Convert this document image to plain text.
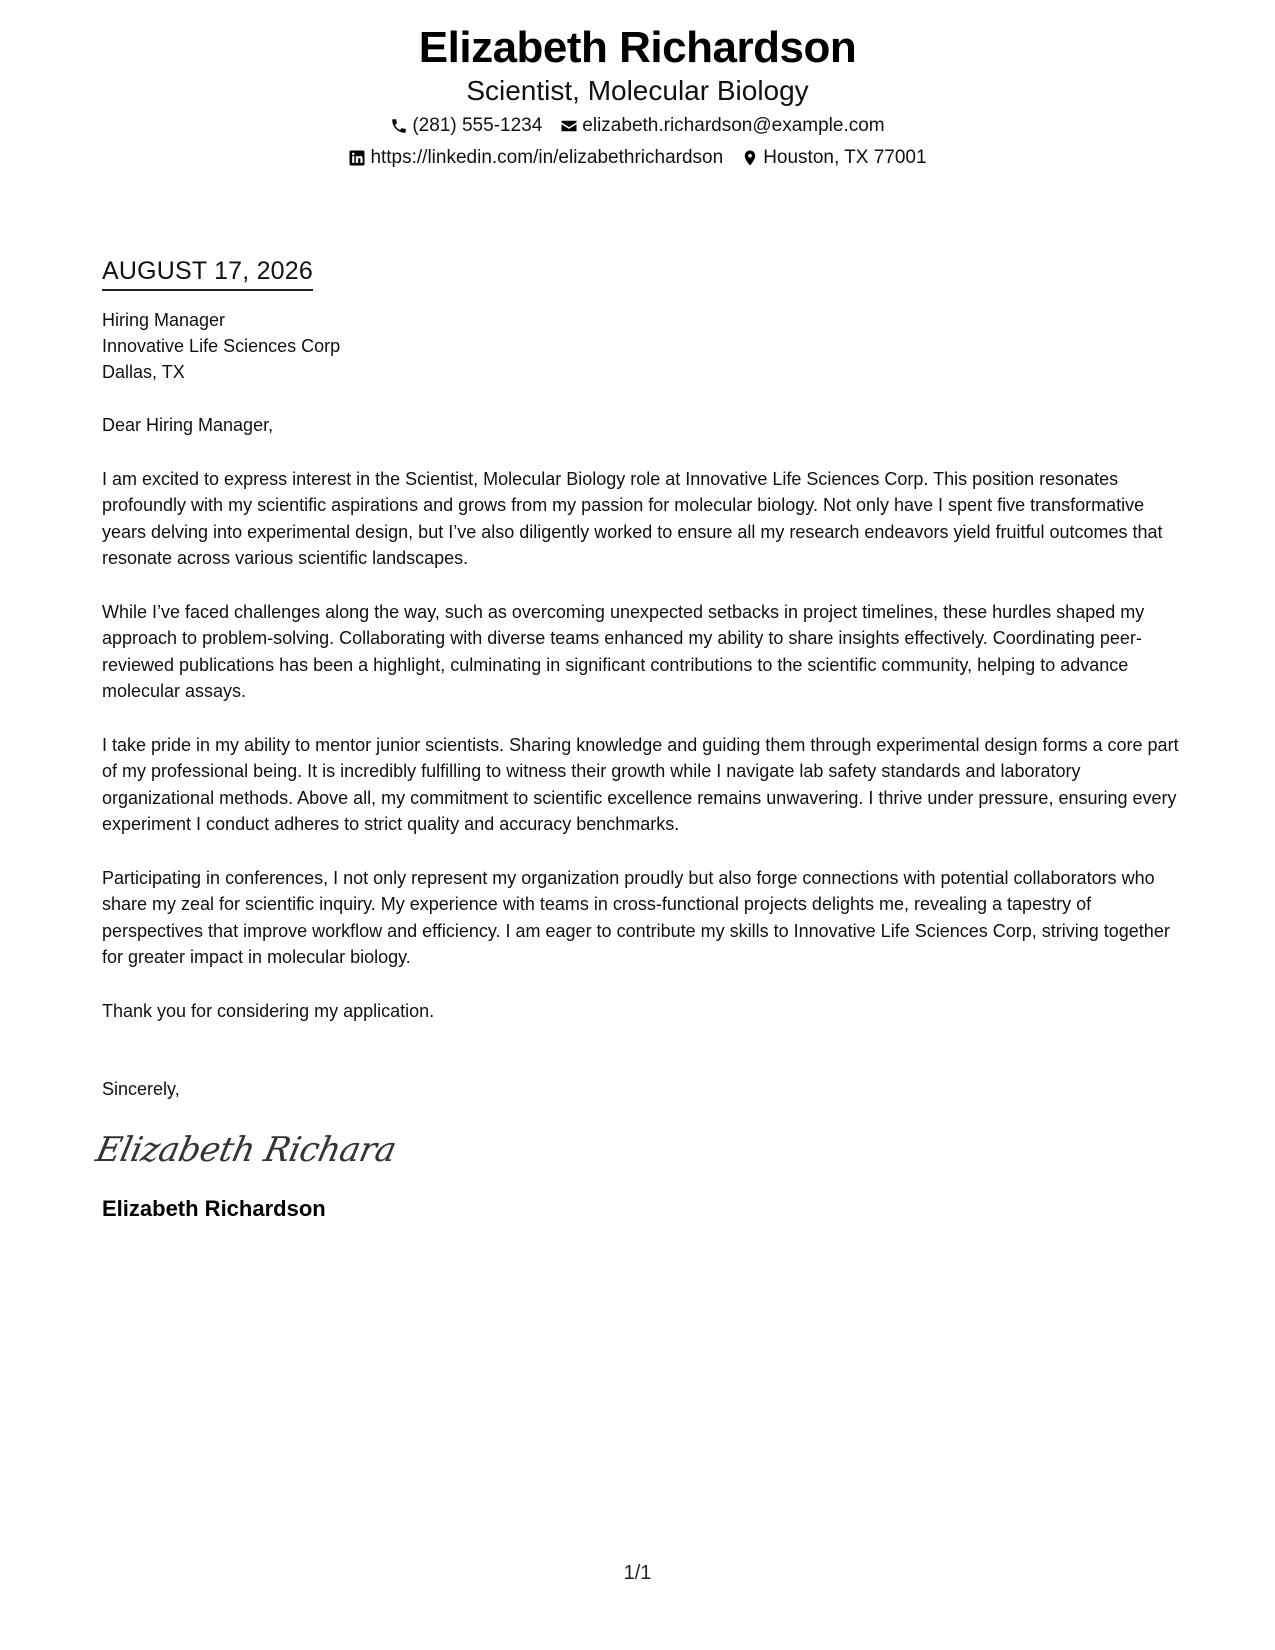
Elizabeth Richardson
Scientist, Molecular Biology
(281) 555-1234 elizabeth.richardson@example.com
https://linkedin.com/in/elizabethrichardson Houston, TX 77001
AUGUST 17, 2026
Hiring Manager
Innovative Life Sciences Corp
Dallas, TX
Dear Hiring Manager,
I am excited to express interest in the Scientist, Molecular Biology role at Innovative Life Sciences Corp. This position resonates profoundly with my scientific aspirations and grows from my passion for molecular biology. Not only have I spent five transformative years delving into experimental design, but I’ve also diligently worked to ensure all my research endeavors yield fruitful outcomes that resonate across various scientific landscapes.
While I’ve faced challenges along the way, such as overcoming unexpected setbacks in project timelines, these hurdles shaped my approach to problem-solving. Collaborating with diverse teams enhanced my ability to share insights effectively. Coordinating peer-reviewed publications has been a highlight, culminating in significant contributions to the scientific community, helping to advance molecular assays.
I take pride in my ability to mentor junior scientists. Sharing knowledge and guiding them through experimental design forms a core part of my professional being. It is incredibly fulfilling to witness their growth while I navigate lab safety standards and laboratory organizational methods. Above all, my commitment to scientific excellence remains unwavering. I thrive under pressure, ensuring every experiment I conduct adheres to strict quality and accuracy benchmarks.
Participating in conferences, I not only represent my organization proudly but also forge connections with potential collaborators who share my zeal for scientific inquiry. My experience with teams in cross-functional projects delights me, revealing a tapestry of perspectives that improve workflow and efficiency. I am eager to contribute my skills to Innovative Life Sciences Corp, striving together for greater impact in molecular biology.
Thank you for considering my application.
Sincerely,
Elizabeth Richara
Elizabeth Richardson
1/1
